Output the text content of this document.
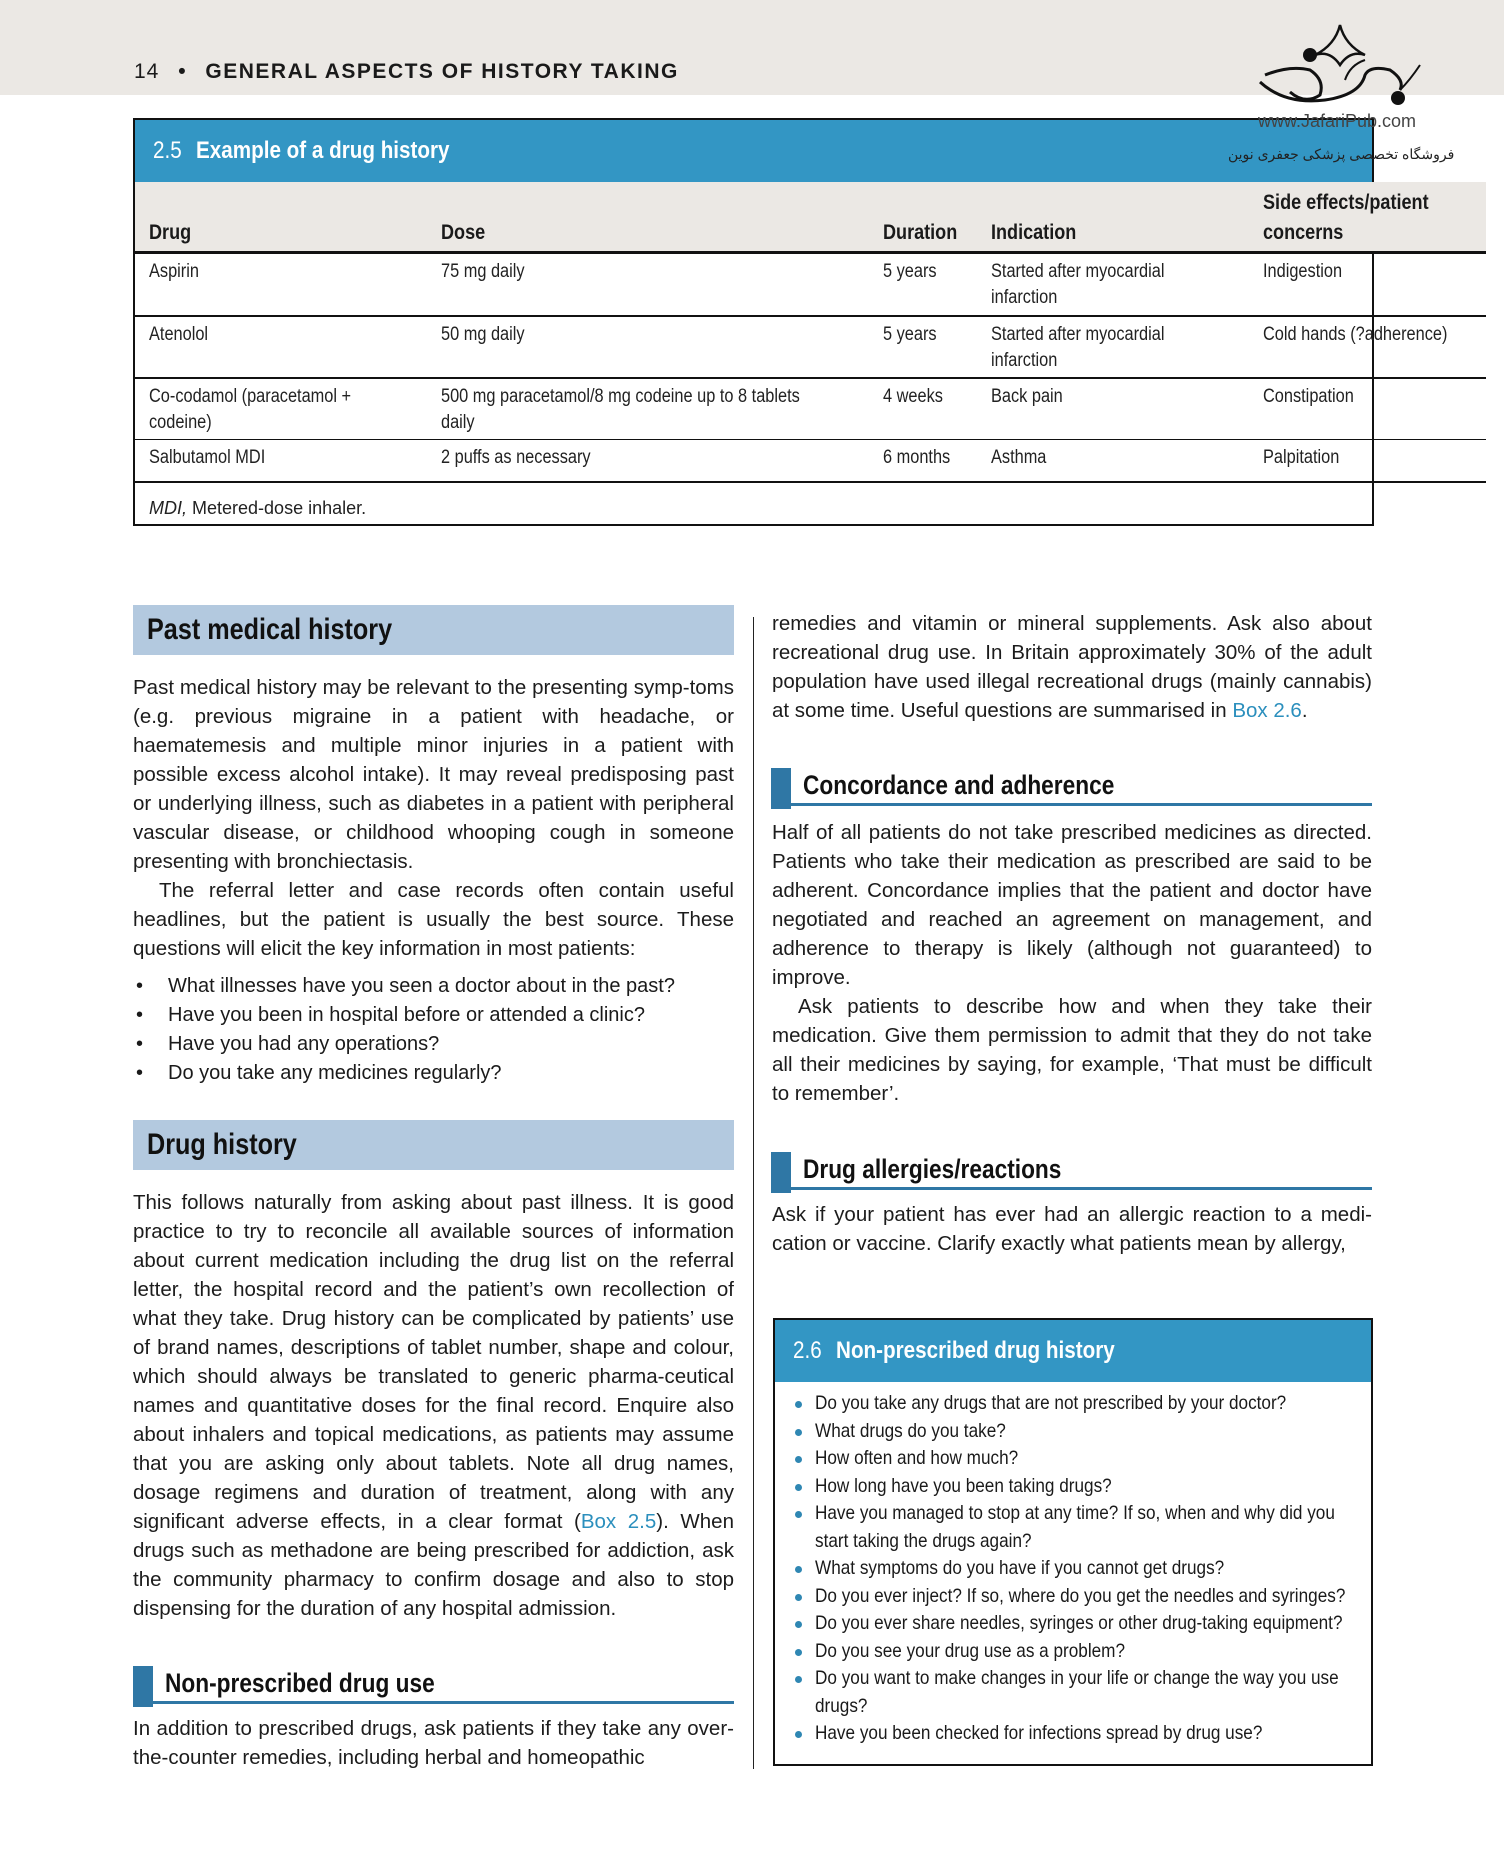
14 • GENERAL ASPECTS OF HISTORY TAKING
2.5 Example of a drug history
Drug	Dose	Duration	Indication	Side effects/patient concerns
Aspirin	75 mg daily	5 years	Started after myocardial infarction	Indigestion
Atenolol	50 mg daily	5 years	Started after myocardial infarction	Cold hands (?adherence)
Co-codamol (paracetamol + codeine)	500 mg paracetamol/8 mg codeine up to 8 tablets daily	4 weeks	Back pain	Constipation
Salbutamol MDI	2 puffs as necessary	6 months	Asthma	Palpitation
MDI, Metered-dose inhaler.				
www.JafariPub.com
فروشگاه تخصصی پزشکی جعفری نوین
Past medical history

Past medical history may be relevant to the presenting symp-toms (e.g. previous migraine in a patient with headache, or haematemesis and multiple minor injuries in a patient with possible excess alcohol intake). It may reveal predisposing past or underlying illness, such as diabetes in a patient with peripheral vascular disease, or childhood whooping cough in someone presenting with bronchiectasis.

The referral letter and case records often contain useful headlines, but the patient is usually the best source. These questions will elicit the key information in most patients:

• What illnesses have you seen a doctor about in the past?
• Have you been in hospital before or attended a clinic?
• Have you had any operations?
• Do you take any medicines regularly?
Drug history

This follows naturally from asking about past illness. It is good practice to try to reconcile all available sources of information about current medication including the drug list on the referral letter, the hospital record and the patient’s own recollection of what they take. Drug history can be complicated by patients’ use of brand names, descriptions of tablet number, shape and colour, which should always be translated to generic pharma-ceutical names and quantitative doses for the final record. Enquire also about inhalers and topical medications, as patients may assume that you are asking only about tablets. Note all drug names, dosage regimens and duration of treatment, along with any significant adverse effects, in a clear format (Box 2.5). When drugs such as methadone are being prescribed for addiction, ask the community pharmacy to confirm dosage and also to stop dispensing for the duration of any hospital admission.

Non-prescribed drug use

In addition to prescribed drugs, ask patients if they take any over-the-counter remedies, including herbal and homeopathic

remedies and vitamin or mineral supplements. Ask also about recreational drug use. In Britain approximately 30% of the adult population have used illegal recreational drugs (mainly cannabis) at some time. Useful questions are summarised in Box 2.6.

Concordance and adherence

Half of all patients do not take prescribed medicines as directed. Patients who take their medication as prescribed are said to be adherent. Concordance implies that the patient and doctor have negotiated and reached an agreement on management, and adherence to therapy is likely (although not guaranteed) to improve.

Ask patients to describe how and when they take their medication. Give them permission to admit that they do not take all their medicines by saying, for example, ‘That must be difficult to remember’.

Drug allergies/reactions

Ask if your patient has ever had an allergic reaction to a medi-cation or vaccine. Clarify exactly what patients mean by allergy,

2.6 Non-prescribed drug history
Do you take any drugs that are not prescribed by your doctor?
What drugs do you take?
How often and how much?
How long have you been taking drugs?
Have you managed to stop at any time? If so, when and why did you start taking the drugs again?
What symptoms do you have if you cannot get drugs?
Do you ever inject? If so, where do you get the needles and syringes?
Do you ever share needles, syringes or other drug-taking equipment?
Do you see your drug use as a problem?
Do you want to make changes in your life or change the way you use drugs?
Have you been checked for infections spread by drug use?
